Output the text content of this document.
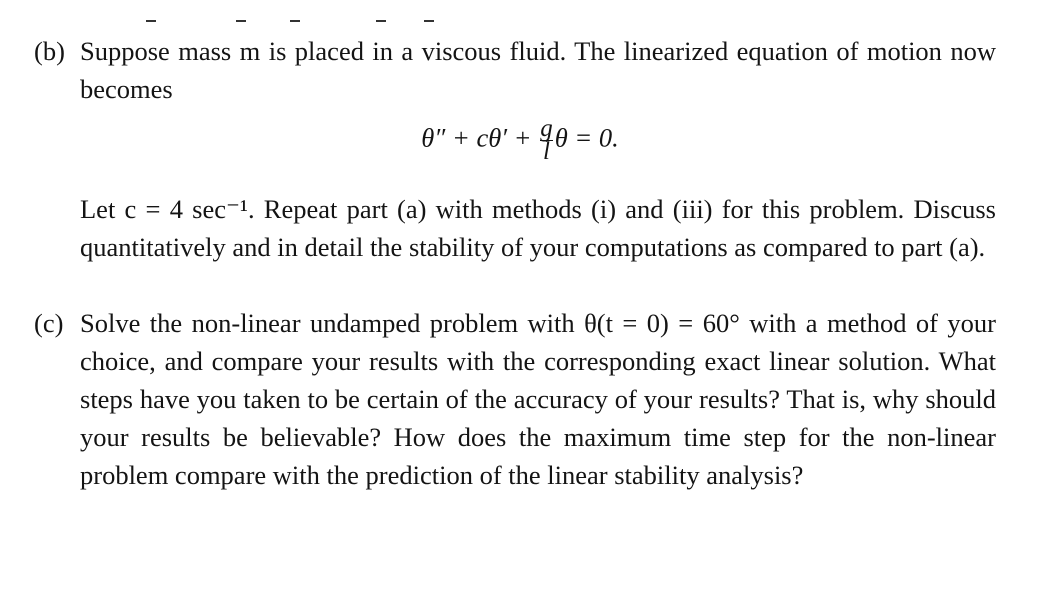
(b) Suppose mass m is placed in a viscous fluid. The linearized equation of motion now becomes

$\theta'' + c\theta' + \frac{g}{l}$ θ = 0.

Let c = 4 sec⁻¹. Repeat part (a) with methods (i) and (iii) for this problem. Discuss quantitatively and in detail the stability of your computations as compared to part (a).

(c) Solve the non-linear undamped problem with θ(t = 0) = 60° with a method of your choice, and compare your results with the corresponding exact linear solution. What steps have you taken to be certain of the accuracy of your results? That is, why should your results be believable? How does the maximum time step for the non-linear problem compare with the prediction of the linear stability analysis?
